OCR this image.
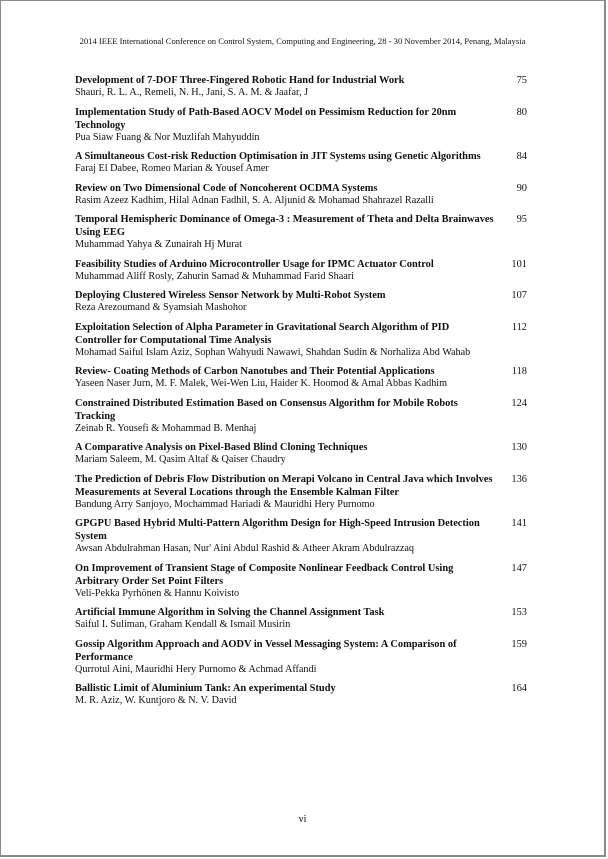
2014 IEEE International Conference on Control System, Computing and Engineering, 28 - 30 November 2014, Penang, Malaysia
Development of 7-DOF Three-Fingered Robotic Hand for Industrial Work
Shauri, R. L. A., Remeli, N. H., Jani, S. A. M. & Jaafar, J
75
Implementation Study of Path-Based AOCV Model on Pessimism Reduction for 20nm Technology
Pua Siaw Fuang & Nor Muzlifah Mahyuddin
80
A Simultaneous Cost-risk Reduction Optimisation in JIT Systems using Genetic Algorithms
Faraj El Dabee, Romeo Marian & Yousef Amer
84
Review on Two Dimensional Code of Noncoherent OCDMA Systems
Rasim Azeez Kadhim, Hilal Adnan Fadhil, S. A. Aljunid & Mohamad Shahrazel Razalli
90
Temporal Hemispheric Dominance of Omega-3 : Measurement of Theta and Delta Brainwaves Using EEG
Muhammad Yahya & Zunairah Hj Murat
95
Feasibility Studies of Arduino Microcontroller Usage for IPMC Actuator Control
Muhammad Aliff Rosly, Zahurin Samad & Muhammad Farid Shaari
101
Deploying Clustered Wireless Sensor Network by Multi-Robot System
Reza Arezoumand & Syamsiah Mashohor
107
Exploitation Selection of Alpha Parameter in Gravitational Search Algorithm of PID Controller for Computational Time Analysis
Mohamad Saiful Islam Aziz, Sophan Wahyudi Nawawi, Shahdan Sudin & Norhaliza Abd Wahab
112
Review- Coating Methods of Carbon Nanotubes and Their Potential Applications
Yaseen Naser Jurn, M. F. Malek, Wei-Wen Liu, Haider K. Hoomod & Amal Abbas Kadhim
118
Constrained Distributed Estimation Based on Consensus Algorithm for Mobile Robots Tracking
Zeinab R. Yousefi & Mohammad B. Menhaj
124
A Comparative Analysis on Pixel-Based Blind Cloning Techniques
Mariam Saleem, M. Qasim Altaf & Qaiser Chaudry
130
The Prediction of Debris Flow Distribution on Merapi Volcano in Central Java which Involves Measurements at Several Locations through the Ensemble Kalman Filter
Bandung Arry Sanjoyo, Mochammad Hariadi & Mauridhi Hery Purnomo
136
GPGPU Based Hybrid Multi-Pattern Algorithm Design for High-Speed Intrusion Detection System
Awsan Abdulrahman Hasan, Nur' Aini Abdul Rashid & Atheer Akram Abdulrazzaq
141
On Improvement of Transient Stage of Composite Nonlinear Feedback Control Using Arbitrary Order Set Point Filters
Veli-Pekka Pyrhönen & Hannu Koivisto
147
Artificial Immune Algorithm in Solving the Channel Assignment Task
Saiful I. Suliman, Graham Kendall & Ismail Musirin
153
Gossip Algorithm Approach and AODV in Vessel Messaging System: A Comparison of Performance
Qurrotul Aini, Mauridhi Hery Purnomo & Achmad Affandi
159
Ballistic Limit of Aluminium Tank: An experimental Study
M. R. Aziz, W. Kuntjoro & N. V. David
164
vi
